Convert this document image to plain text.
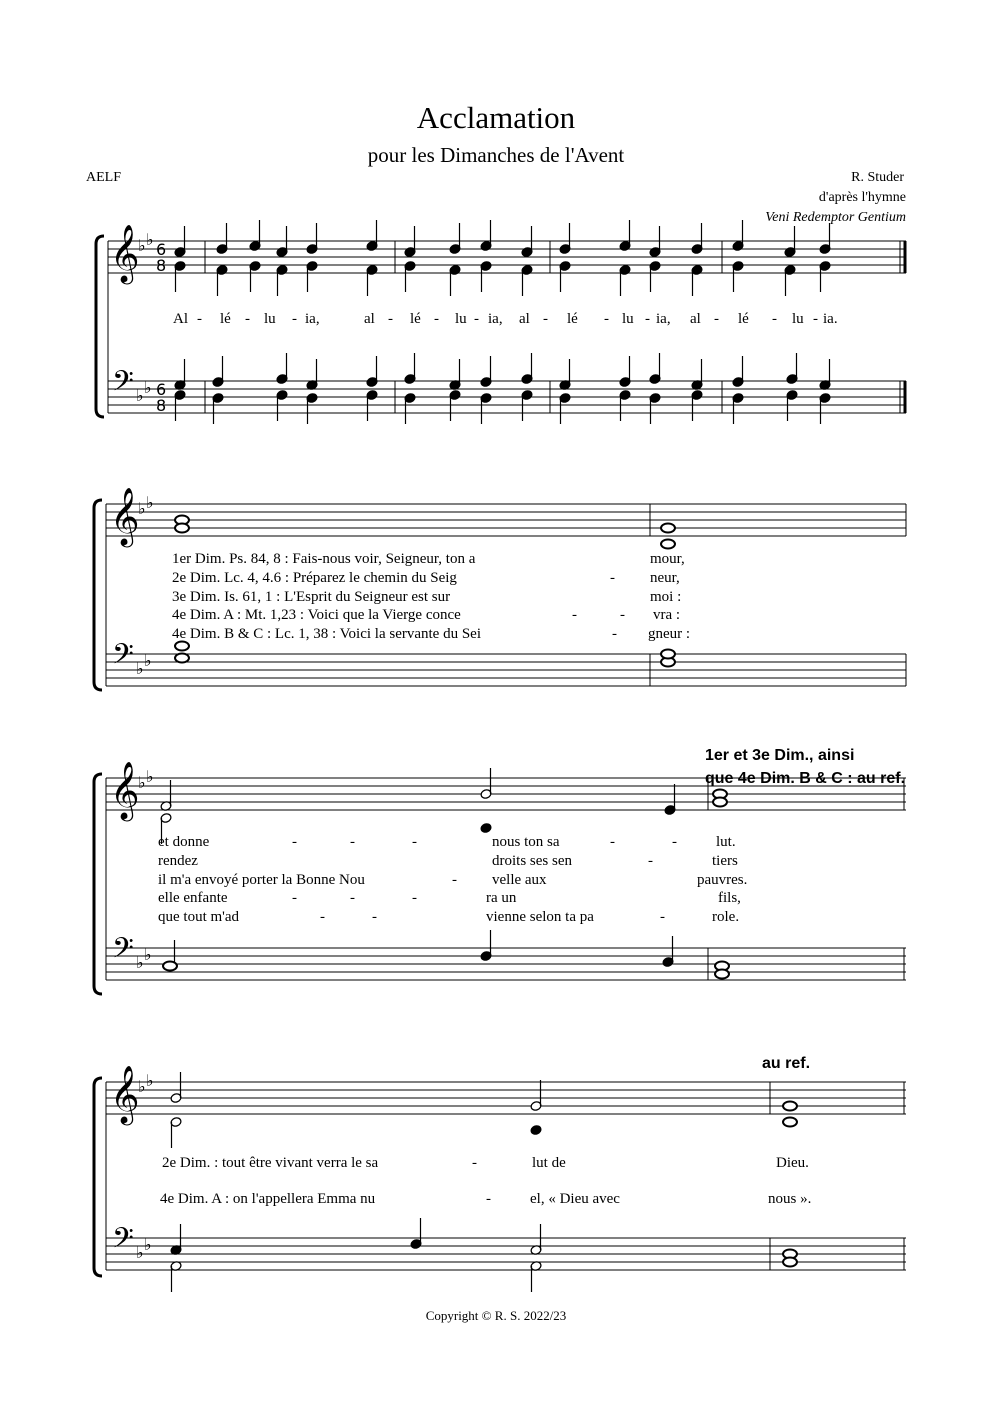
Acclamation
pour les Dimanches de l'Avent
AELF	R. Studer
d'après l'hymne
Veni Redemptor Gentium
𝄞
𝄢
♭ ♭
♭ ♭
6
8
6
8
𝄞
𝄢
♭ ♭
♭ ♭
𝄞
𝄢
♭ ♭
♭ ♭
𝄞
𝄢
♭ ♭
♭ ♭
Al - lé - lu - ia,	al - lé - lu - ia, al - lé - lu - ia, al - lé - lu - ia.
1er Dim. Ps. 84, 8 : Fais-nous voir, Seigneur, ton a	mour,
2e Dim. Lc. 4, 4.6 : Préparez le chemin du Seig	- neur,
3e Dim. Is. 61, 1 : L'Esprit du Seigneur est sur	moi :
4e Dim. A : Mt. 1,23 : Voici que la Vierge conce	-	- vra :
4e Dim. B & C : Lc. 1, 38 : Voici la servante du Sei	- gneur :
1er et 3e Dim., ainsi
que 4e Dim. B & C : au ref.
et donne	-	-	-	nous ton sa	-	-	lut.
rendez	droits ses sen	-	tiers
il m'a envoyé porter la Bonne Nou	- velle aux	pauvres.
elle enfante	-	-	-	ra un	fils,
que tout m'ad	-	-	vienne selon ta pa	-	role.
au ref.
2e Dim. : tout être vivant verra le sa	-	lut de	Dieu.
4e Dim. A : on l'appellera Emma nu	-	el, « Dieu avec	nous ».
Copyright © R. S. 2022/23
